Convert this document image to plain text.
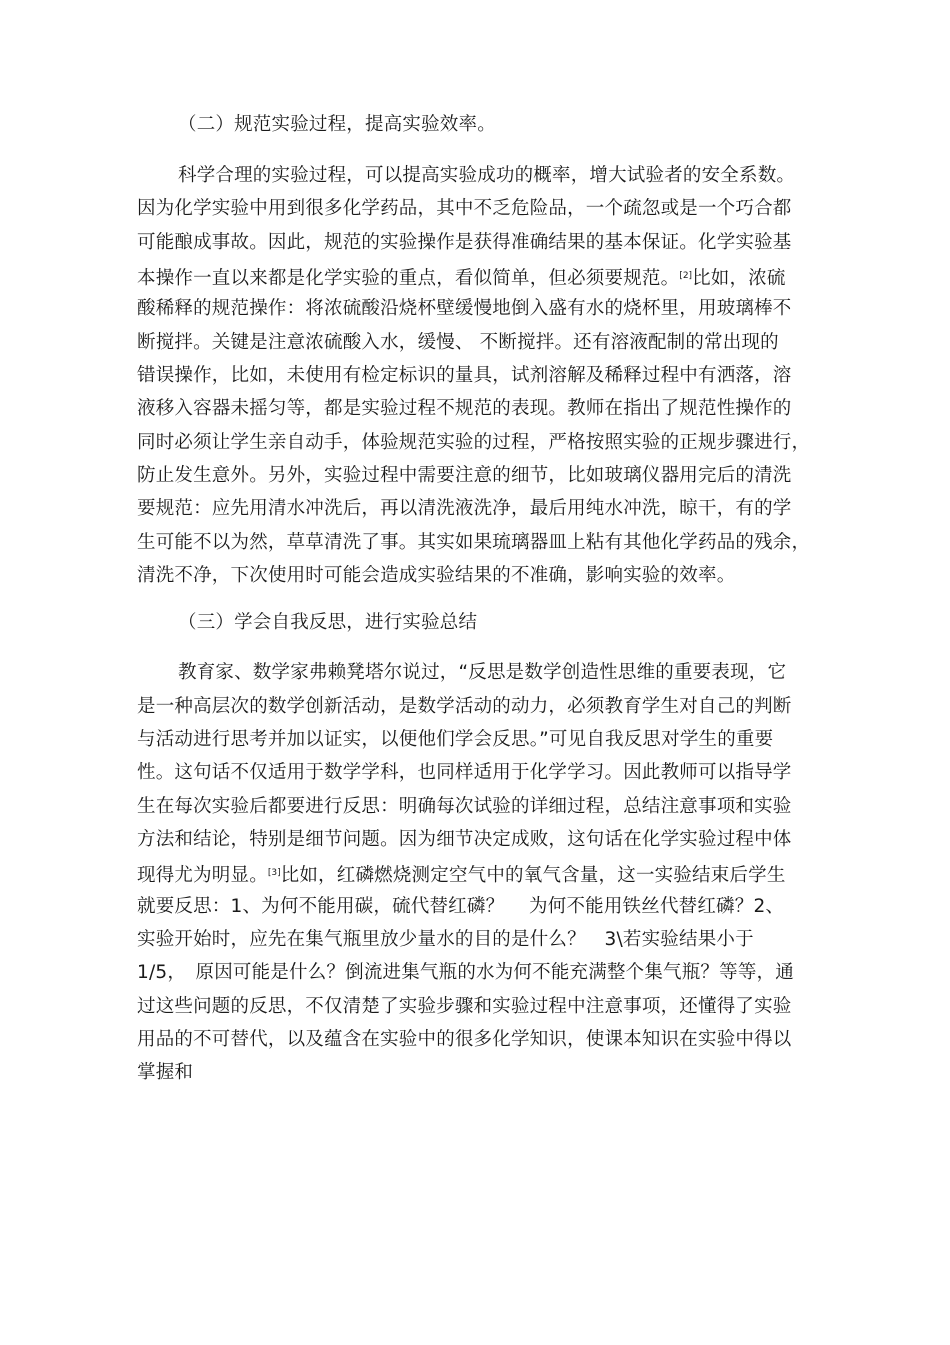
（二）规范实验过程，提高实验效率。
科学合理的实验过程，可以提高实验成功的概率，增大试验者的安全系数。
因为化学实验中用到很多化学药品，其中不乏危险品，一个疏忽或是一个巧合都
可能酿成事故。因此，规范的实验操作是获得准确结果的基本保证。化学实验基
本操作一直以来都是化学实验的重点，看似简单，但必须要规范。[2]比如，浓硫
酸稀释的规范操作：将浓硫酸沿烧杯壁缓慢地倒入盛有水的烧杯里，用玻璃棒不
断搅拌。关键是注意浓硫酸入水，缓慢、 不断搅拌。还有溶液配制的常出现的
错误操作，比如，未使用有检定标识的量具，试剂溶解及稀释过程中有洒落，溶
液移入容器未摇匀等，都是实验过程不规范的表现。教师在指出了规范性操作的
同时必须让学生亲自动手，体验规范实验的过程，严格按照实验的正规步骤进行，
防止发生意外。另外，实验过程中需要注意的细节，比如玻璃仪器用完后的清洗
要规范：应先用清水冲洗后，再以清洗液洗净，最后用纯水冲洗，晾干，有的学
生可能不以为然，草草清洗了事。其实如果琉璃器皿上粘有其他化学药品的残余，
清洗不净，下次使用时可能会造成实验结果的不准确，影响实验的效率。
（三）学会自我反思，进行实验总结
教育家、数学家弗赖凳塔尔说过，“反思是数学创造性思维的重要表现，它
是一种高层次的数学创新活动，是数学活动的动力，必须教育学生对自己的判断
与活动进行思考并加以证实，以便他们学会反思。”可见自我反思对学生的重要
性。这句话不仅适用于数学学科，也同样适用于化学学习。因此教师可以指导学
生在每次实验后都要进行反思：明确每次试验的详细过程，总结注意事项和实验
方法和结论，特别是细节问题。因为细节决定成败，这句话在化学实验过程中体
现得尤为明显。[3]比如，红磷燃烧测定空气中的氧气含量，这一实验结束后学生
就要反思：1、为何不能用碳，硫代替红磷？　 为何不能用铁丝代替红磷？2、
实验开始时，应先在集气瓶里放少量水的目的是什么？　3\若实验结果小于
1/5，　原因可能是什么？倒流进集气瓶的水为何不能充满整个集气瓶？等等，通
过这些问题的反思，不仅清楚了实验步骤和实验过程中注意事项，还懂得了实验
用品的不可替代，以及蕴含在实验中的很多化学知识，使课本知识在实验中得以
掌握和
